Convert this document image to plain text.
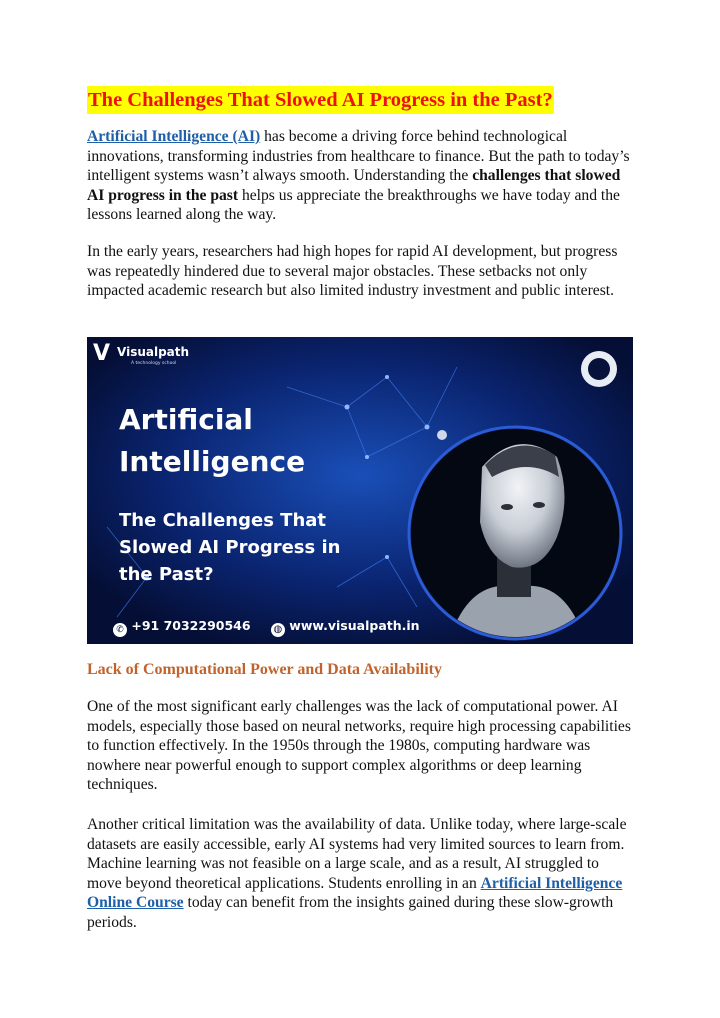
The Challenges That Slowed AI Progress in the Past?

Artificial Intelligence (AI) has become a driving force behind technological innovations, transforming industries from healthcare to finance. But the path to today’s intelligent systems wasn’t always smooth. Understanding the challenges that slowed AI progress in the past helps us appreciate the breakthroughs we have today and the lessons learned along the way.

In the early years, researchers had high hopes for rapid AI development, but progress was repeatedly hindered due to several major obstacles. These setbacks not only impacted academic research but also limited industry investment and public interest.

V Visualpath
A technology school
Artificial
Intelligence
The Challenges That
Slowed AI Progress in
the Past?
✆ +91 7032290546 ◍ www.visualpath.in
Lack of Computational Power and Data Availability

One of the most significant early challenges was the lack of computational power. AI models, especially those based on neural networks, require high processing capabilities to function effectively. In the 1950s through the 1980s, computing hardware was nowhere near powerful enough to support complex algorithms or deep learning techniques.

Another critical limitation was the availability of data. Unlike today, where large-scale datasets are easily accessible, early AI systems had very limited sources to learn from. Machine learning was not feasible on a large scale, and as a result, AI struggled to move beyond theoretical applications. Students enrolling in an Artificial Intelligence Online Course today can benefit from the insights gained during these slow-growth periods.
